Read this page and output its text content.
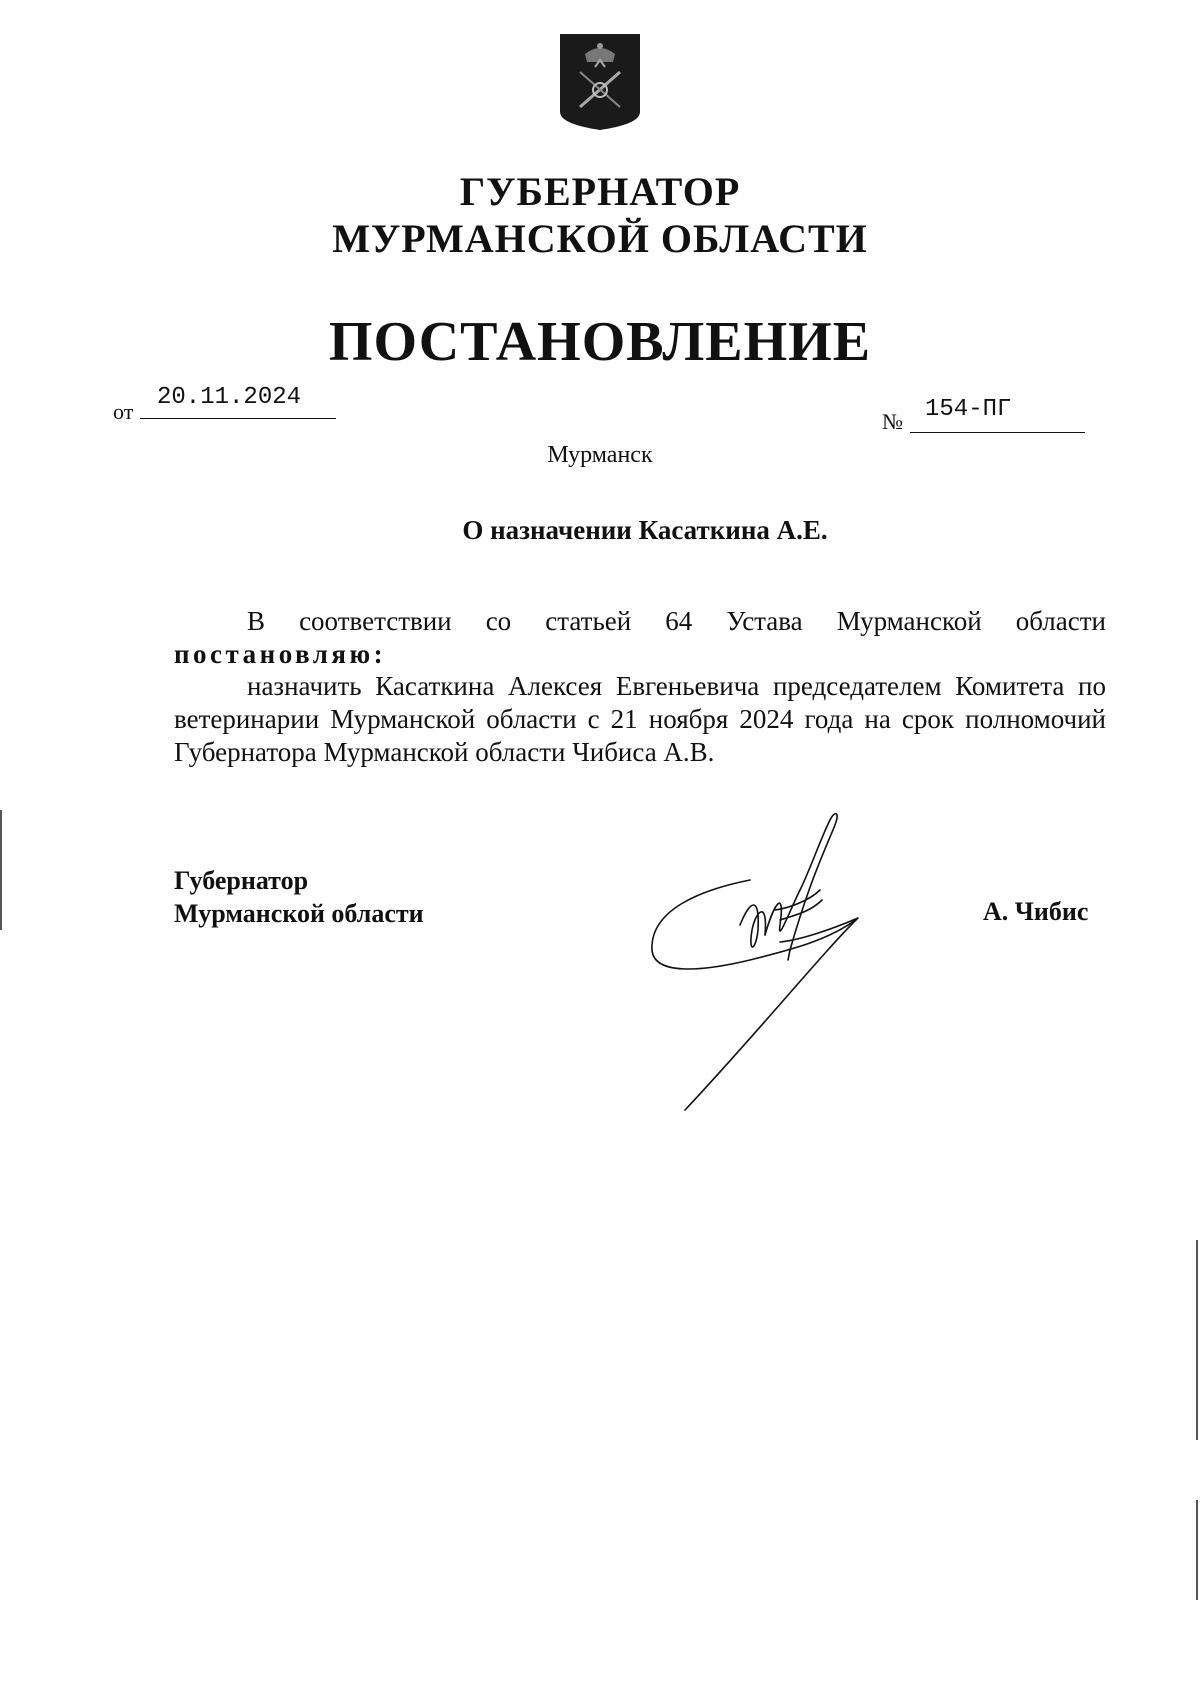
ГУБЕРНАТОР
МУРМАНСКОЙ ОБЛАСТИ
ПОСТАНОВЛЕНИЕ
от
20.11.2024
№ 154-ПГ
Мурманск
О назначении Касаткина А.Е.
В соответствии со статьей 64 Устава Мурманской области
постановляю:
назначить Касаткина Алексея Евгеньевича председателем Комитета по ветеринарии Мурманской области с 21 ноября 2024 года на срок полномочий Губернатора Мурманской области Чибиса А.В.
Губернатор
Мурманской области	А. Чибис
